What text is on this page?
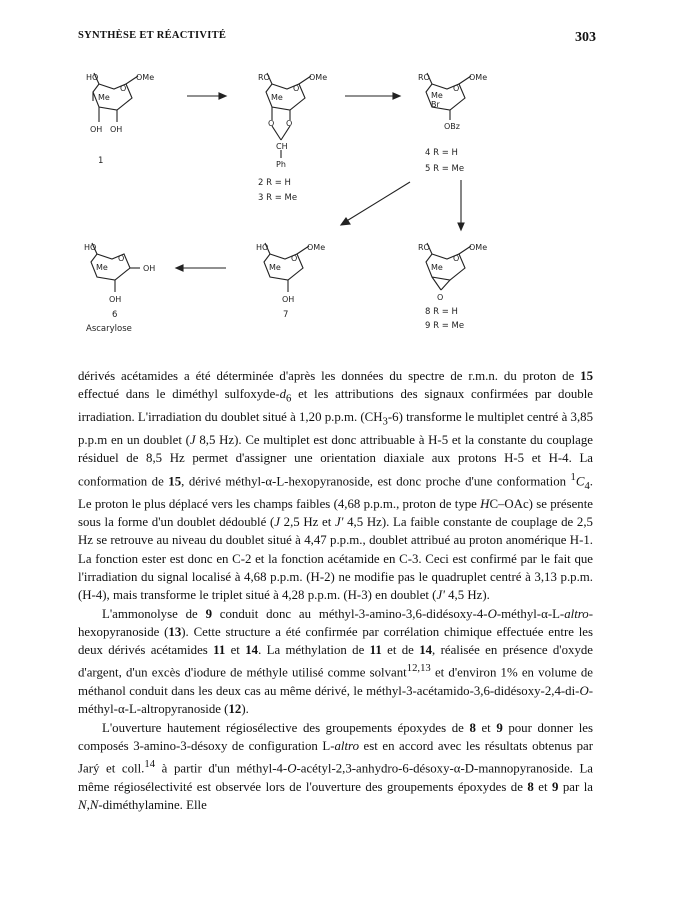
SYNTHÈSE ET RÉACTIVITÉ	303
HO
O
OMe
Me
OH OH
1
RO
O
OMe
Me
O O
CH
Ph
2 R = H
3 R = Me
RO
O
OMe
Me
Br
OBz
4 R = H
5 R = Me
HO
O
Me	OH
OH
6
Ascarylose
HO
O
OMe
Me
OH
7
RO
O
OMe
Me
O
8 R = H
9 R = Me

dérivés acétamides a été déterminée d'après les données du spectre de r.m.n. du proton de 15 effectué dans le diméthyl sulfoxyde-$d_6$ et les attributions des signaux confirmées par double irradiation. L'irradiation du doublet situé à 1,20 p.p.m. $(CH_3-6)$ transforme le multiplet centré à 3,85 p.p.m en un doublet (J 8,5 Hz). Ce multiplet est donc attribuable à H-5 et la constante du couplage résiduel de 8,5 Hz permet d'assigner une orientation diaxiale aux protons H-5 et H-4. La conformation de 15, dérivé méthyl-α-L-hexopyranoside, est donc proche d'une conformation $^1C_4$. Le proton le plus déplacé vers les champs faibles (4,68 p.p.m., proton de type HC–OAc) se présente sous la forme d'un doublet dédoublé (J 2,5 Hz et J' 4,5 Hz). La faible constante de couplage de 2,5 Hz se retrouve au niveau du doublet situé à 4,47 p.p.m., doublet attribué au proton anomérique H-1. La fonction ester est donc en C-2 et la fonction acétamide en C-3. Ceci est confirmé par le fait que l'irradiation du signal localisé à 4,68 p.p.m. (H-2) ne modifie pas le quadruplet centré à 3,13 p.p.m. (H-4), mais transforme le triplet situé à 4,28 p.p.m. (H-3) en doublet (J' 4,5 Hz).

L'ammonolyse de 9 conduit donc au méthyl-3-amino-3,6-didésoxy-4-O-méthyl-α-L-altro-hexopyranoside (13). Cette structure a été confirmée par corrélation chimique effectuée entre les deux dérivés acétamides 11 et 14. La méthylation de 11 et de 14, réalisée en présence d'oxyde d'argent, d'un excès d'iodure de méthyle utilisé comme solvant$^{12,13}$ et d'environ 1% en volume de méthanol conduit dans les deux cas au même dérivé, le méthyl-3-acétamido-3,6-didésoxy-2,4-di-O-méthyl-α-L-altropyranoside (12).

L'ouverture hautement régiosélective des groupements époxydes de 8 et 9 pour donner les composés 3-amino-3-désoxy de configuration L-altro est en accord avec les résultats obtenus par Jarý et coll.$^{14}$ à partir d'un méthyl-4-O-acétyl-2,3-anhydro-6-désoxy-α-D-mannopyranoside. La même régiosélectivité est observée lors de l'ouverture des groupements époxydes de 8 et 9 par la N,N-diméthylamine. Elle
